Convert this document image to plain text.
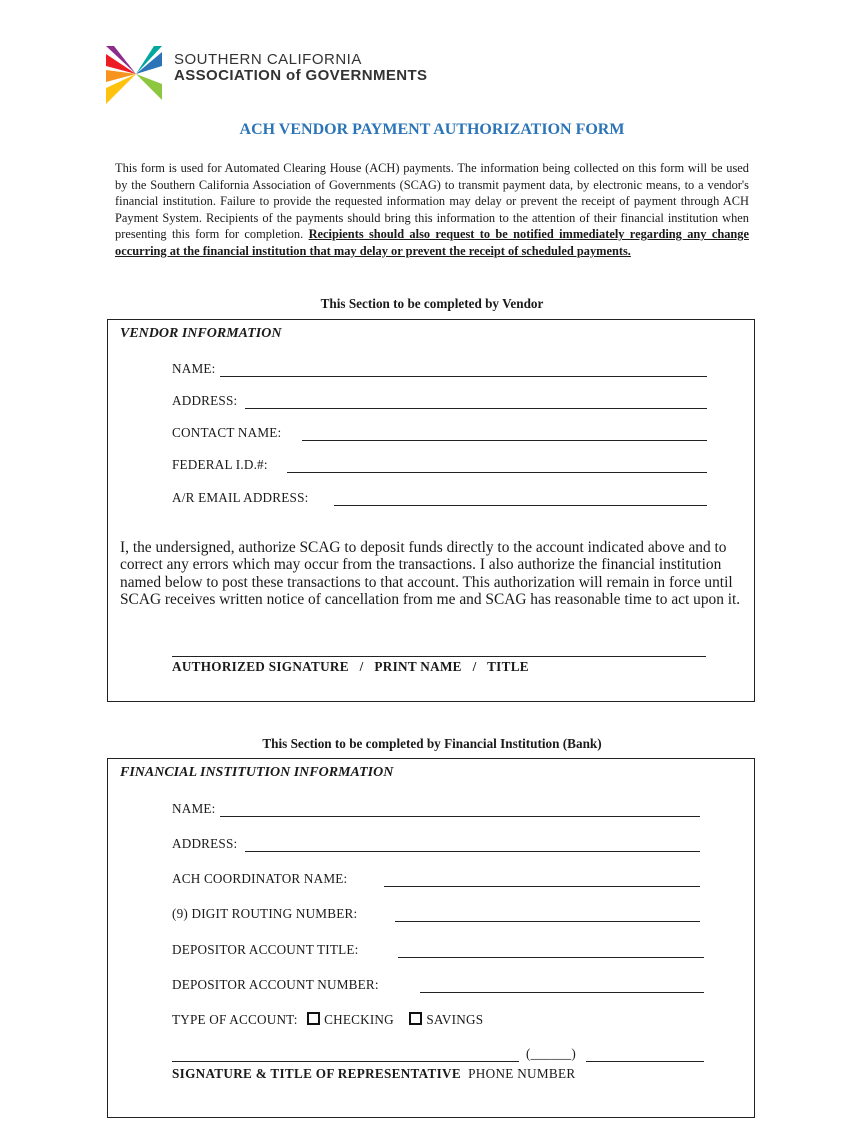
SOUTHERN CALIFORNIA
ASSOCIATION of GOVERNMENTS
ACH VENDOR PAYMENT AUTHORIZATION FORM
This form is used for Automated Clearing House (ACH) payments. The information being collected on this form will be used by the Southern California Association of Governments (SCAG) to transmit payment data, by electronic means, to a vendor's financial institution. Failure to provide the requested information may delay or prevent the receipt of payment through ACH Payment System. Recipients of the payments should bring this information to the attention of their financial institution when presenting this form for completion. Recipients should also request to be notified immediately regarding any change occurring at the financial institution that may delay or prevent the receipt of scheduled payments.
This Section to be completed by Vendor
VENDOR INFORMATION
NAME:
ADDRESS:
CONTACT NAME:
FEDERAL I.D.#:
A/R EMAIL ADDRESS:
I, the undersigned, authorize SCAG to deposit funds directly to the account indicated above and to correct any errors which may occur from the transactions. I also authorize the financial institution named below to post these transactions to that account. This authorization will remain in force until SCAG receives written notice of cancellation from me and SCAG has reasonable time to act upon it.
AUTHORIZED SIGNATURE   /   PRINT NAME   /   TITLE
This Section to be completed by Financial Institution (Bank)
FINANCIAL INSTITUTION INFORMATION
NAME:
ADDRESS:
ACH COORDINATOR NAME:
(9) DIGIT ROUTING NUMBER:
DEPOSITOR ACCOUNT TITLE:
DEPOSITOR ACCOUNT NUMBER:
TYPE OF ACCOUNT: CHECKING SAVINGS
(______)
SIGNATURE & TITLE OF REPRESENTATIVE PHONE NUMBER
